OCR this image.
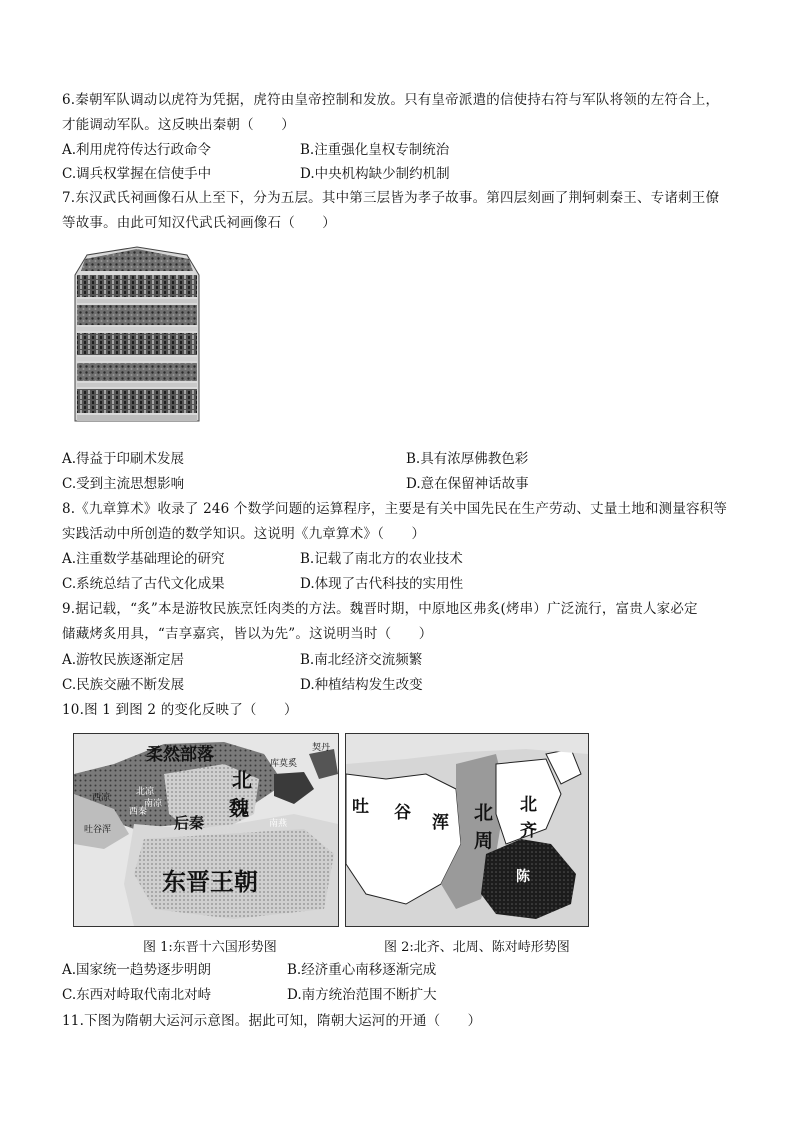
6.秦朝军队调动以虎符为凭据，虎符由皇帝控制和发放。只有皇帝派遣的信使持右符与军队将领的左符合上，
才能调动军队。这反映出秦朝（　　）
A.利用虎符传达行政命令	B.注重强化皇权专制统治
C.调兵权掌握在信使手中	D.中央机构缺少制约机制
7.东汉武氏祠画像石从上至下，分为五层。其中第三层皆为孝子故事。第四层刻画了荆轲刺秦王、专诸刺王僚
等故事。由此可知汉代武氏祠画像石（　　）
A.得益于印刷术发展	B.具有浓厚佛教色彩
C.受到主流思想影响	D.意在保留神话故事
8.《九章算术》收录了 246 个数学问题的运算程序，主要是有关中国先民在生产劳动、丈量土地和测量容积等
实践活动中所创造的数学知识。这说明《九章算术》（　　）
A.注重数学基础理论的研究	B.记载了南北方的农业技术
C.系统总结了古代文化成果	D.体现了古代科技的实用性
9.据记载，“炙”本是游牧民族烹饪肉类的方法。魏晋时期，中原地区弗炙(烤串）广泛流行，富贵人家必定
储藏烤炙用具，“吉享嘉宾，皆以为先”。这说明当时（　　）
A.游牧民族逐渐定居	B.南北经济交流频繁
C.民族交融不断发展	D.种植结构发生改变
10.图 1 到图 2 的变化反映了（　　）
柔然部落
北
魏
后秦
东晋王朝
西凉
吐谷浑
库莫奚
契丹
南燕
西秦
北凉
南凉	吐 谷 浑 北
周
北
齐
陈
图 1:东晋十六国形势图	图 2:北齐、北周、陈对峙形势图
A.国家统一趋势逐步明朗	B.经济重心南移逐渐完成
C.东西对峙取代南北对峙	D.南方统治范围不断扩大
11.下图为隋朝大运河示意图。据此可知，隋朝大运河的开通（　　）
